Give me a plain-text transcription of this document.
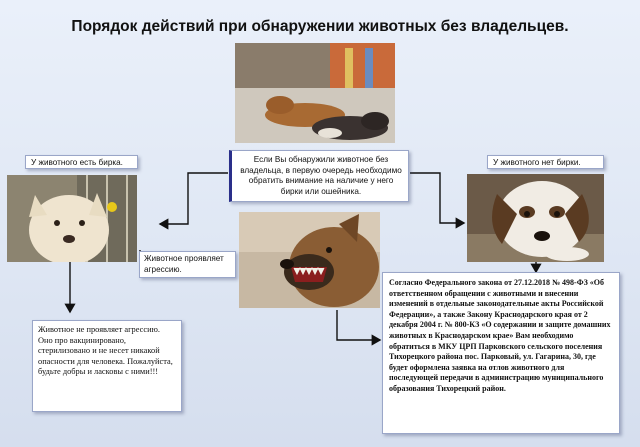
Порядок действий при обнаружении животных без владельцев.
Если Вы обнаружили животное без владельца, в первую очередь необходимо обратить внимание на наличие у него бирки или ошейника.
У животного есть бирка.	У животного нет бирки.
Животное проявляет агрессию.
Животное не проявляет агрессию. Оно про вакцинировано, стерилизовано и не несет никакой опасности для человека. Пожалуйста, будьте добры и ласковы с ними!!!
Согласно Федерального закона от 27.12.2018 № 498-ФЗ «Об ответственном обращении с животными и внесении изменений в отдельные законодательные акты Российской Федерации», а также Закону Краснодарского края от 2 декабря 2004 г. № 800-КЗ «О содержании и защите домашних животных в Краснодарском крае» Вам необходимо обратиться в МКУ ЦРП Парковского сельского поселения Тихорецкого района пос. Парковый, ул. Гагарина, 30, где будет оформлена заявка на отлов животного для последующей передачи в администрацию муниципального образования Тихорецкий район.
